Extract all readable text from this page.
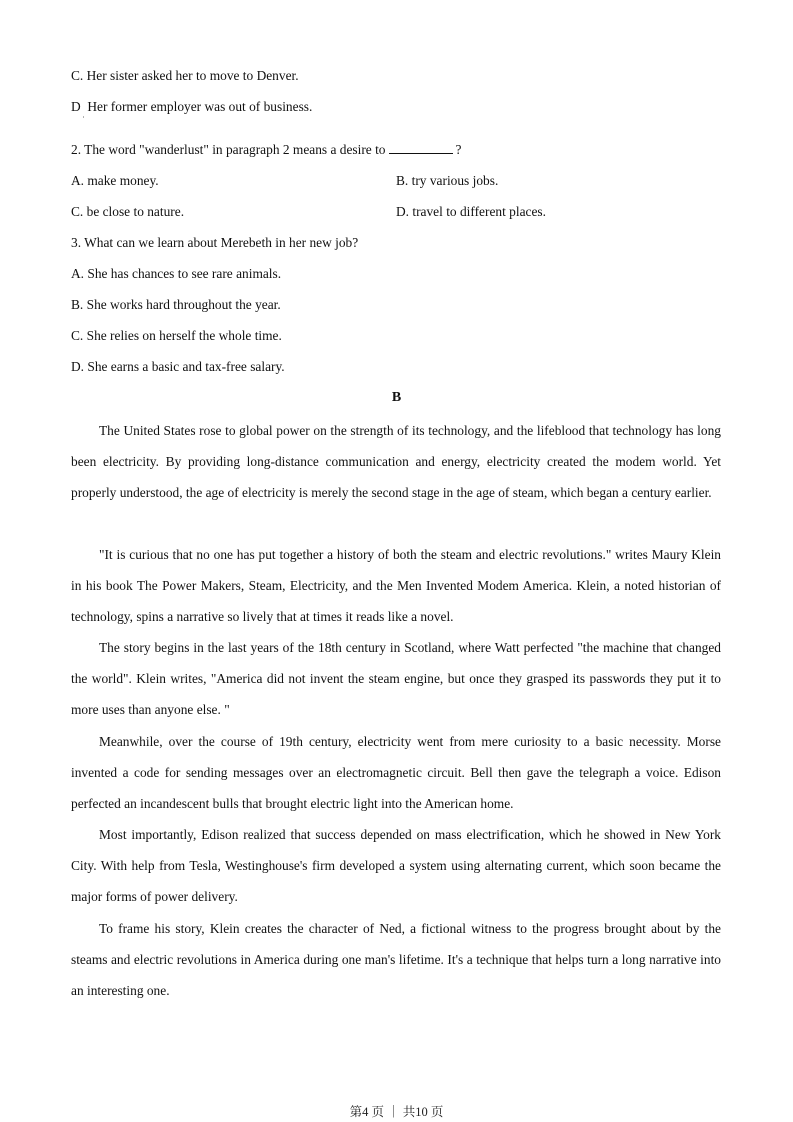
C. Her sister asked her to move to Denver.
D Her former employer was out of business.
˙
2. The word "wanderlust" in paragraph 2 means a desire to	?
A. make money.	B. try various jobs.
C. be close to nature.	D. travel to different places.
3. What can we learn about Merebeth in her new job?
A. She has chances to see rare animals.
B. She works hard throughout the year.
C. She relies on herself the whole time.
D. She earns a basic and tax-free salary.
B

The United States rose to global power on the strength of its technology, and the lifeblood that technology has long been electricity. By providing long-distance communication and energy, electricity created the modem world. Yet properly understood, the age of electricity is merely the second stage in the age of steam, which began a century earlier.

"It is curious that no one has put together a history of both the steam and electric revolutions." writes Maury Klein in his book The Power Makers, Steam, Electricity, and the Men Invented Modem America. Klein, a noted historian of technology, spins a narrative so lively that at times it reads like a novel.

The story begins in the last years of the 18th century in Scotland, where Watt perfected "the machine that changed the world". Klein writes, "America did not invent the steam engine, but once they grasped its passwords they put it to more uses than anyone else. "

Meanwhile, over the course of 19th century, electricity went from mere curiosity to a basic necessity. Morse invented a code for sending messages over an electromagnetic circuit. Bell then gave the telegraph a voice. Edison perfected an incandescent bulls that brought electric light into the American home.

Most importantly, Edison realized that success depended on mass electrification, which he showed in New York City. With help from Tesla, Westinghouse's firm developed a system using alternating current, which soon became the major forms of power delivery.

To frame his story, Klein creates the character of Ned, a fictional witness to the progress brought about by the steams and electric revolutions in America during one man's lifetime. It's a technique that helps turn a long narrative into an interesting one.

第4 页 ｜ 共10 页
